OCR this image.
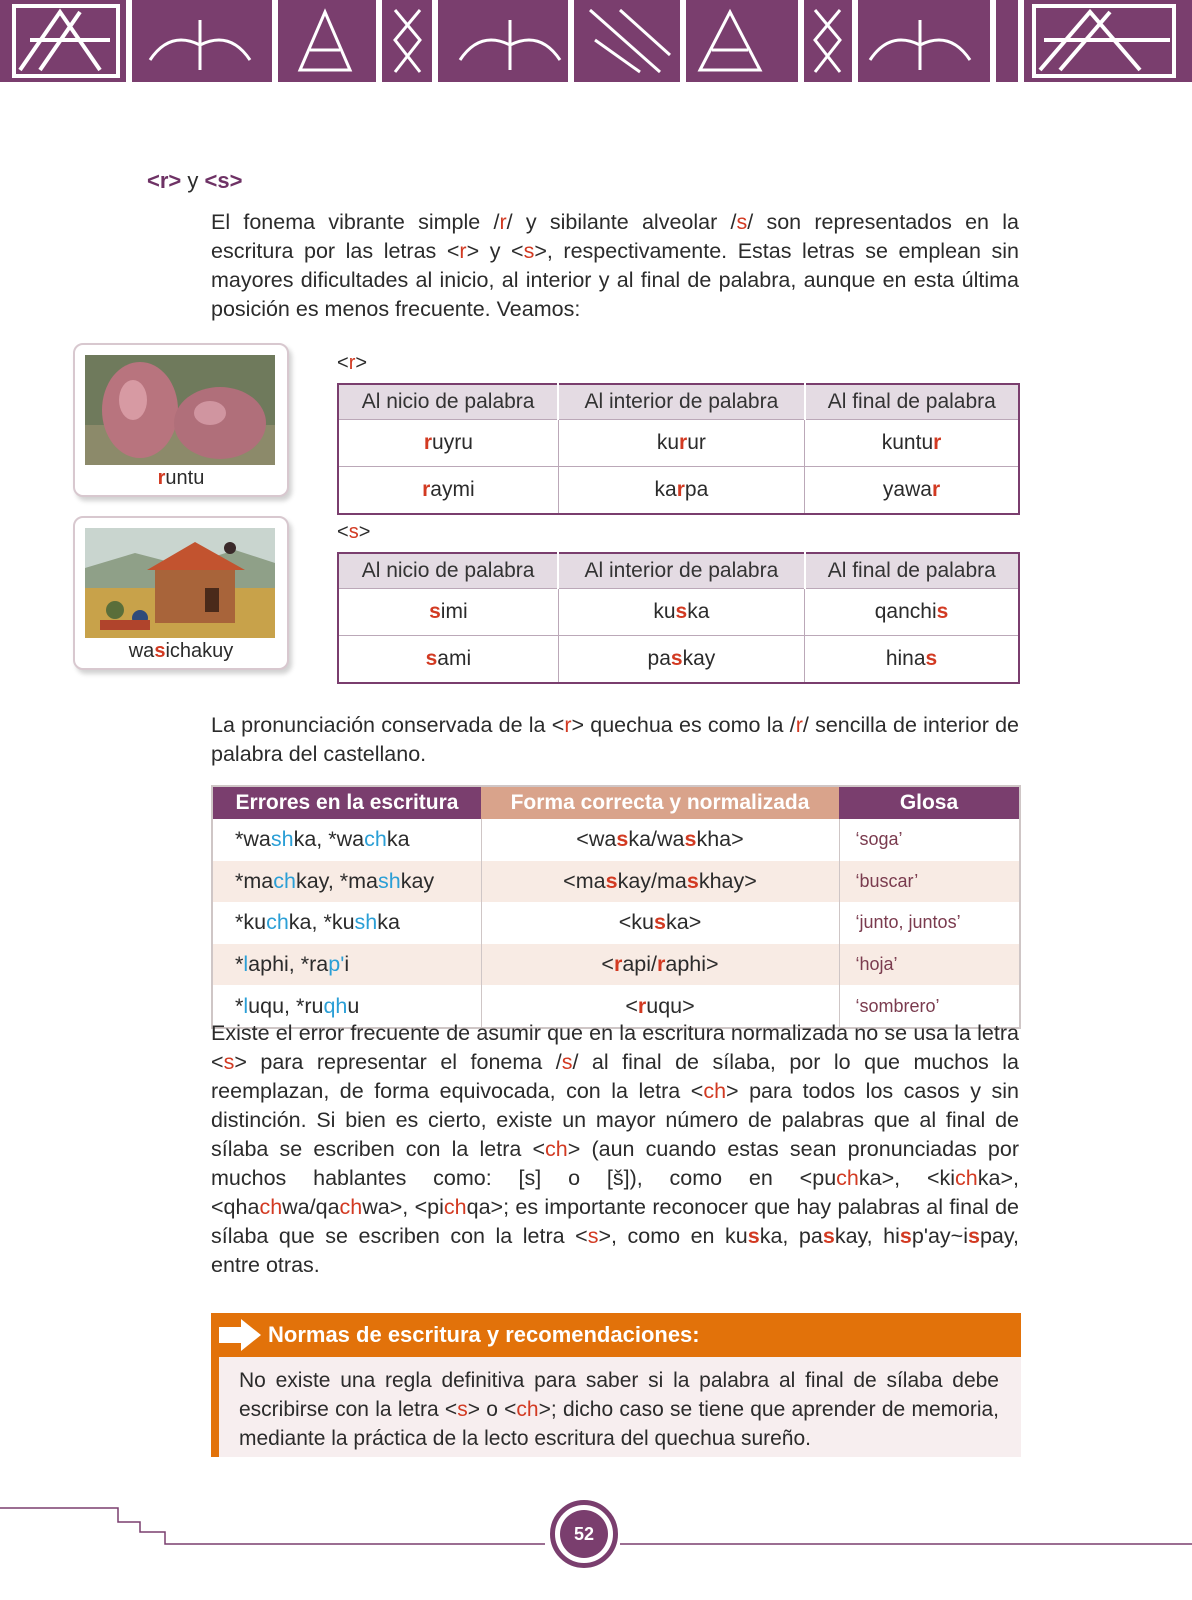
<r> y <s>
El fonema vibrante simple /r/ y sibilante alveolar /s/ son representados en la escritura por las letras <r> y <s>, respectivamente. Estas letras se emplean sin mayores dificultades al inicio, al interior y al final de palabra, aunque en esta última posición es menos frecuente. Veamos:
runtu
wasichakuy
<r>
Al nicio de palabra	Al interior de palabra	Al final de palabra
ruyru	kurur	kuntur
raymi	karpa	yawar
<s>
Al nicio de palabra	Al interior de palabra	Al final de palabra
simi	kuska	qanchis
sami	paskay	hinas
La pronunciación conservada de la <r> quechua es como la /r/ sencilla de interior de palabra del castellano.
Errores en la escritura	Forma correcta y normalizada	Glosa
*washka, *wachka	<waska/waskha>	‘soga’
*machkay, *mashkay	<maskay/maskhay>	‘buscar’
*kuchka, *kushka	<kuska>	‘junto, juntos’
*laphi, *rap'i	<rapi/raphi>	‘hoja’
*luqu, *ruqhu	<ruqu>	‘sombrero’
Existe el error frecuente de asumir que en la escritura normalizada no se usa la letra <s> para representar el fonema /s/ al final de sílaba, por lo que muchos la reemplazan, de forma equivocada, con la letra <ch> para todos los casos y sin distinción. Si bien es cierto, existe un mayor número de palabras que al final de sílaba se escriben con la letra <ch> (aun cuando estas sean pronunciadas por muchos hablantes como: [s] o [š]), como en <puchka>, <kichka>, <qhachwa/qachwa>, <pichqa>; es importante reconocer que hay palabras al final de sílaba que se escriben con la letra <s>, como en kuska, paskay, hisp'ay~ispay, entre otras.
Normas de escritura y recomendaciones:
No existe una regla definitiva para saber si la palabra al final de sílaba debe escribirse con la letra <s> o <ch>; dicho caso se tiene que aprender de memoria, mediante la práctica de la lecto escritura del quechua sureño.
52
